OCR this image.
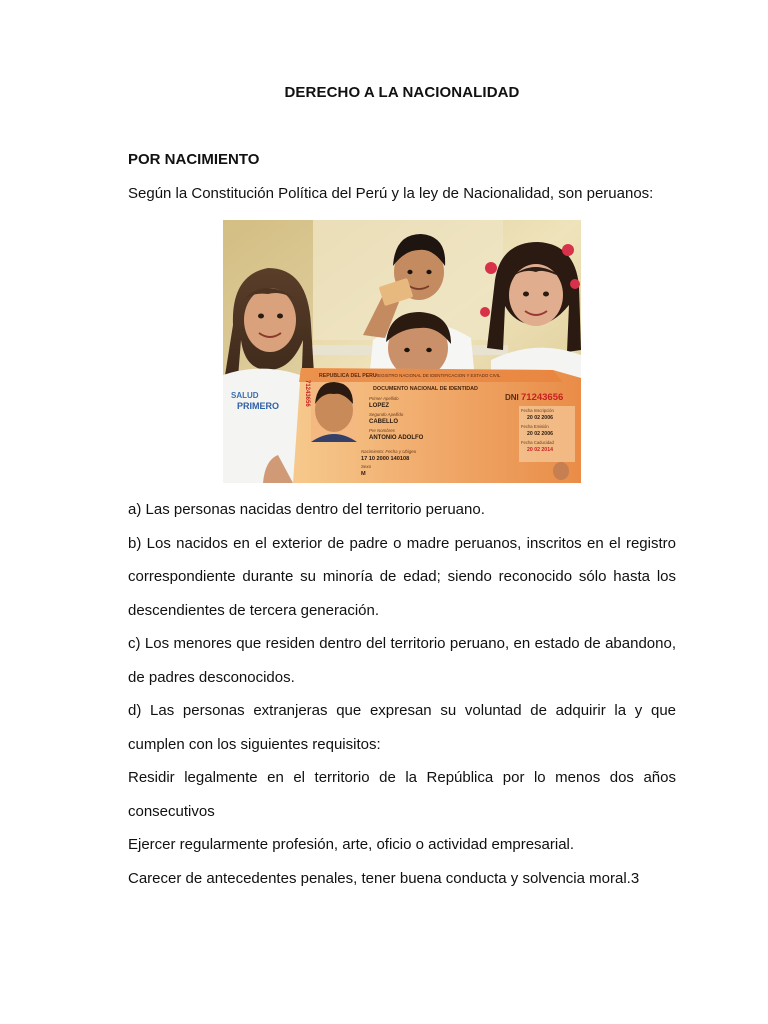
DERECHO A LA NACIONALIDAD
POR NACIMIENTO
Según la Constitución Política del Perú y la ley de Nacionalidad, son peruanos:
SALUD
PRIMERO
REPUBLICA DEL PERU
REGISTRO NACIONAL DE IDENTIFICACION Y ESTADO CIVIL
DOCUMENTO NACIONAL DE IDENTIDAD
DNI 71243656
71243656	Primer Apellido
LOPEZ
Segundo Apellido
CABELLO
Pre Nombres
ANTONIO ADOLFO
Nacimiento: Fecha y Ubigeo
17 10 2000 140108
Sexo
M
Fecha Inscripción
20 02 2006
Fecha Emisión
20 02 2006
Fecha Caducidad
20 02 2014

a) Las personas nacidas dentro del territorio peruano.

b) Los nacidos en el exterior de padre o madre peruanos, inscritos en el registro correspondiente durante su minoría de edad; siendo reconocido sólo hasta los descendientes de tercera generación.

c) Los menores que residen dentro del territorio peruano, en estado de abandono, de padres desconocidos.

d) Las personas extranjeras que expresan su voluntad de adquirir la y que cumplen con los siguientes requisitos:

Residir legalmente en el territorio de la República por lo menos dos años consecutivos

Ejercer regularmente profesión, arte, oficio o actividad empresarial.

Carecer de antecedentes penales, tener buena conducta y solvencia moral.3
